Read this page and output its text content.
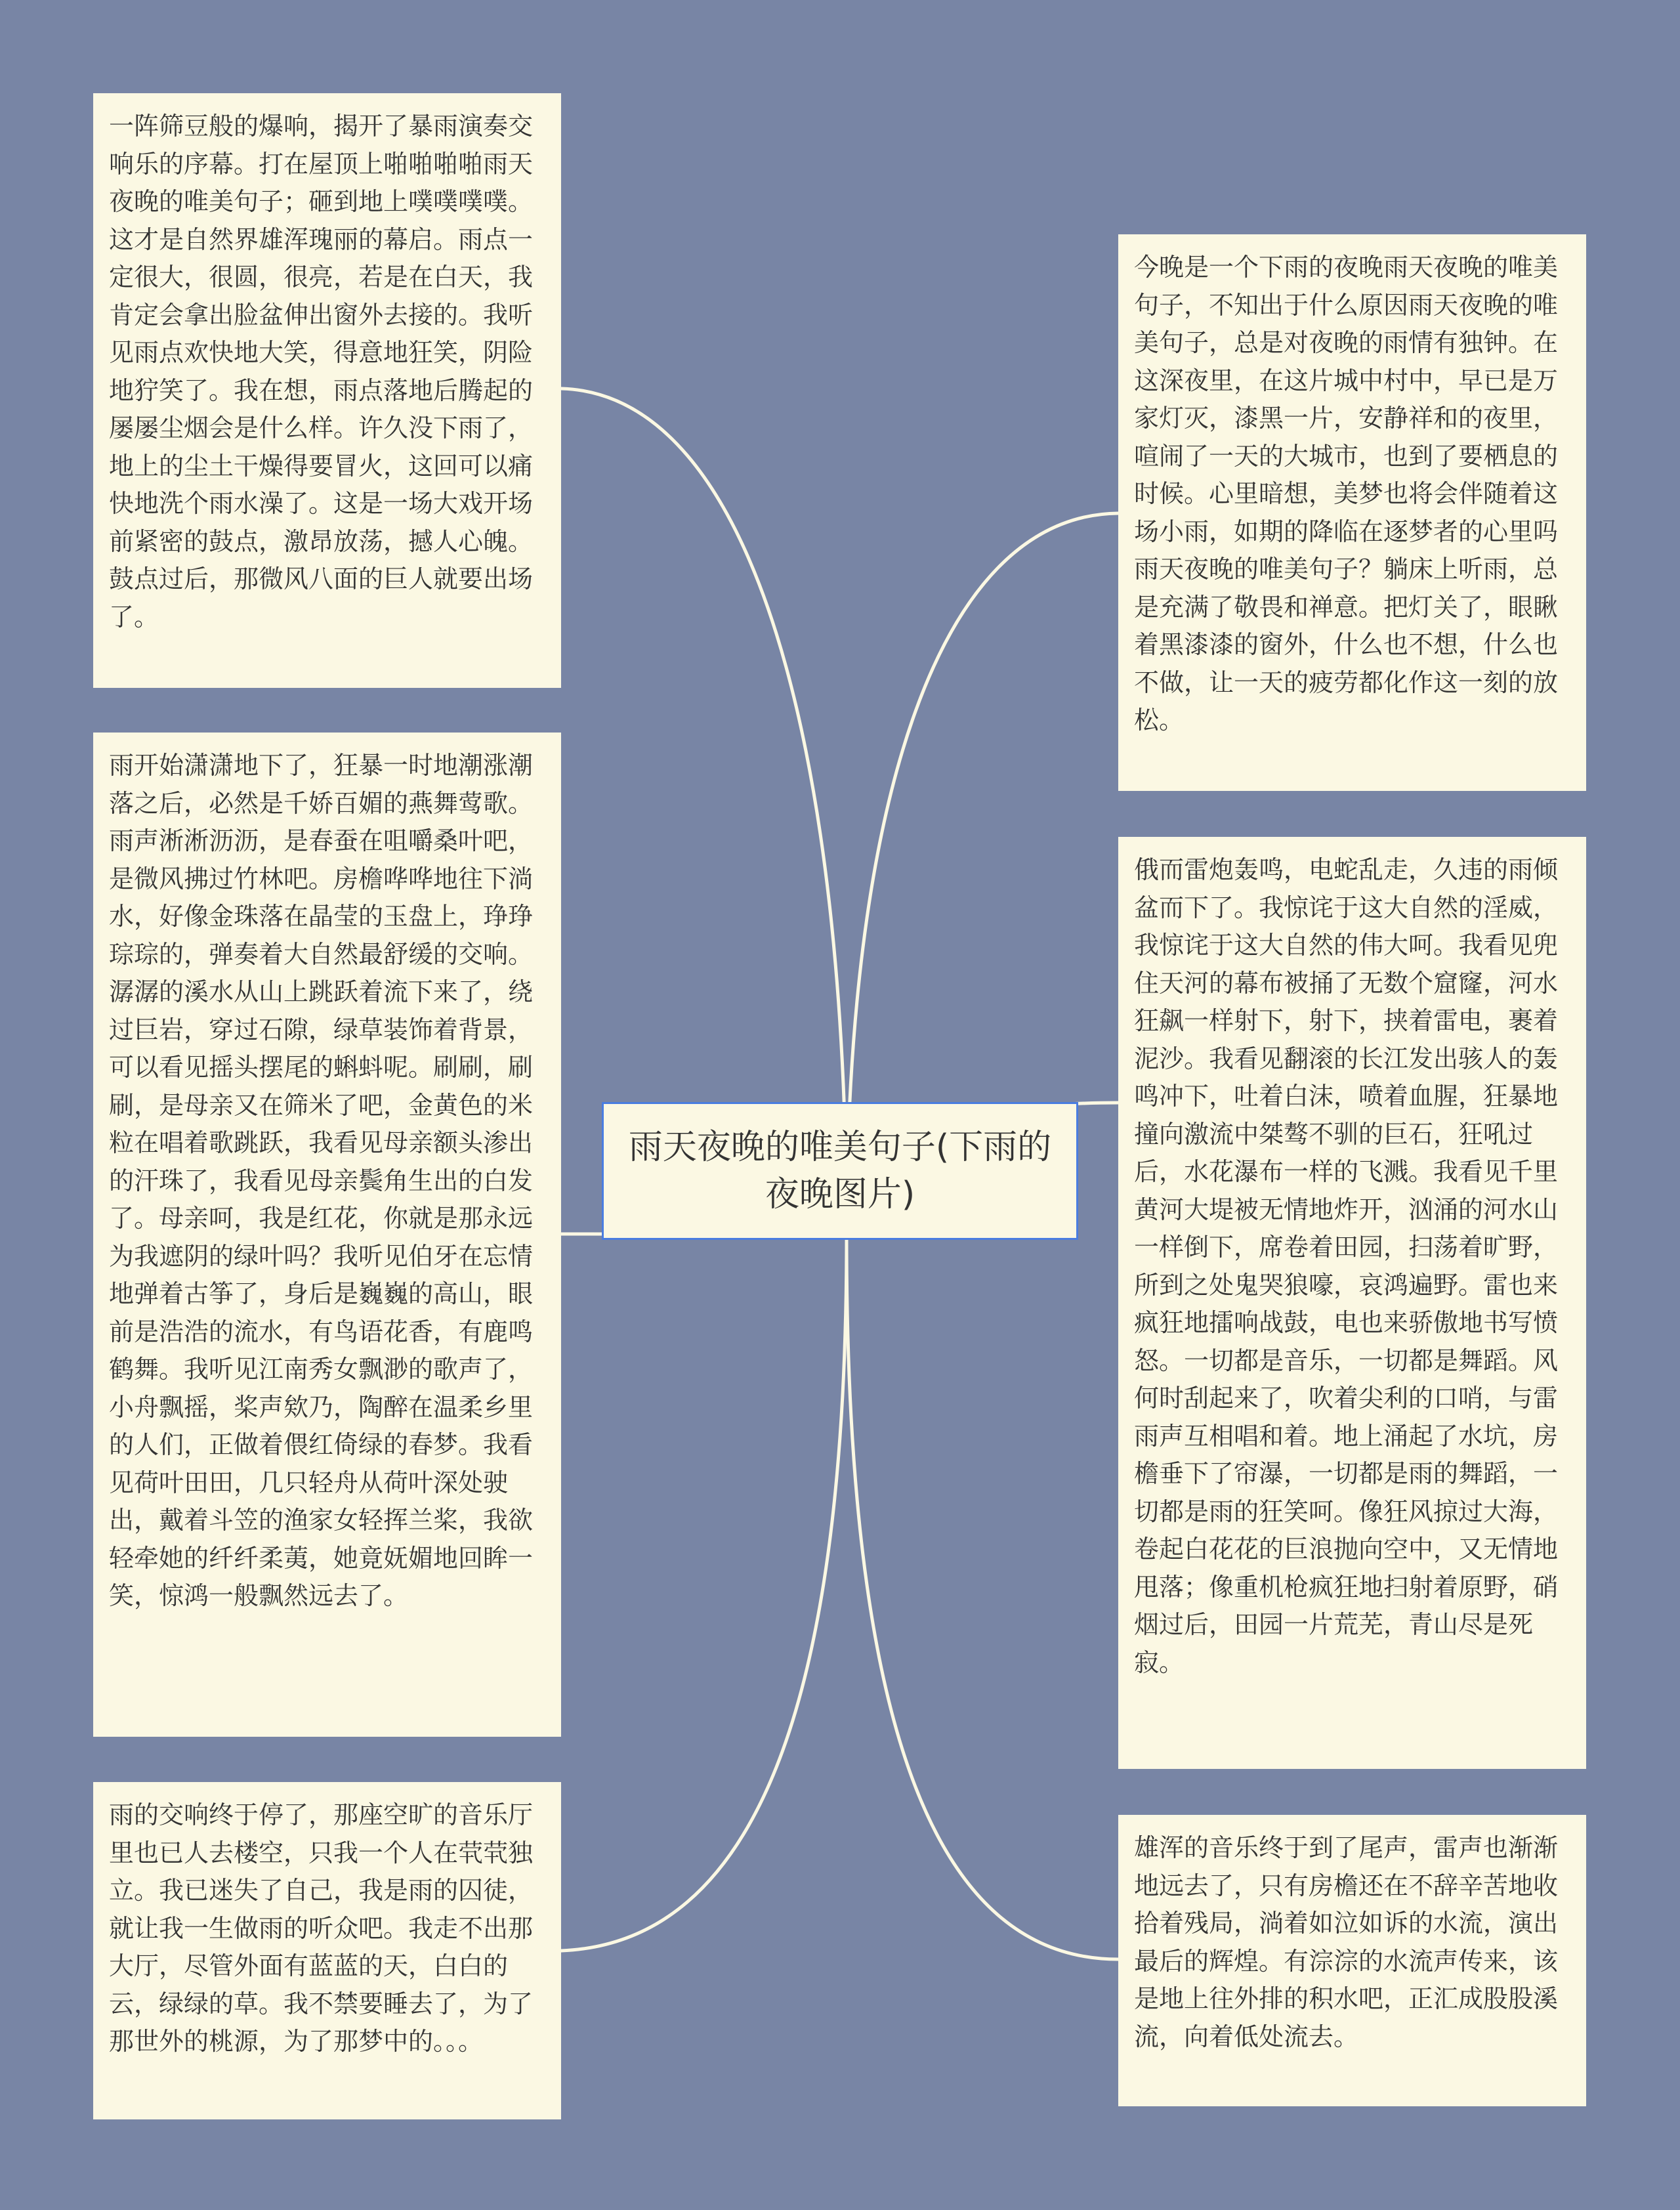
一阵筛豆般的爆响，揭开了暴雨演奏交响乐的序幕。打在屋顶上啪啪啪啪雨天夜晚的唯美句子；砸到地上噗噗噗噗。这才是自然界雄浑瑰丽的幕启。雨点一定很大，很圆，很亮，若是在白天，我肯定会拿出脸盆伸出窗外去接的。我听见雨点欢快地大笑，得意地狂笑，阴险地狞笑了。我在想，雨点落地后腾起的屡屡尘烟会是什么样。许久没下雨了，地上的尘土干燥得要冒火，这回可以痛快地洗个雨水澡了。这是一场大戏开场前紧密的鼓点，激昂放荡，撼人心魄。鼓点过后，那微风八面的巨人就要出场了。
雨开始潇潇地下了，狂暴一时地潮涨潮落之后，必然是千娇百媚的燕舞莺歌。雨声淅淅沥沥，是春蚕在咀嚼桑叶吧，是微风拂过竹林吧。房檐哗哗地往下淌水，好像金珠落在晶莹的玉盘上，琤琤琮琮的，弹奏着大自然最舒缓的交响。潺潺的溪水从山上跳跃着流下来了，绕过巨岩，穿过石隙，绿草装饰着背景，可以看见摇头摆尾的蝌蚪呢。刷刷，刷刷，是母亲又在筛米了吧，金黄色的米粒在唱着歌跳跃，我看见母亲额头渗出的汗珠了，我看见母亲鬓角生出的白发了。母亲呵，我是红花，你就是那永远为我遮阴的绿叶吗？我听见伯牙在忘情地弹着古筝了，身后是巍巍的高山，眼前是浩浩的流水，有鸟语花香，有鹿鸣鹤舞。我听见江南秀女飘渺的歌声了，小舟飘摇，桨声欸乃，陶醉在温柔乡里的人们，正做着偎红倚绿的春梦。我看见荷叶田田，几只轻舟从荷叶深处驶出，戴着斗笠的渔家女轻挥兰桨，我欲轻牵她的纤纤柔荑，她竟妩媚地回眸一笑，惊鸿一般飘然远去了。
雨的交响终于停了，那座空旷的音乐厅里也已人去楼空，只我一个人在茕茕独立。我已迷失了自己，我是雨的囚徒，就让我一生做雨的听众吧。我走不出那大厅，尽管外面有蓝蓝的天，白白的云，绿绿的草。我不禁要睡去了，为了那世外的桃源，为了那梦中的。。。
今晚是一个下雨的夜晚雨天夜晚的唯美句子，不知出于什么原因雨天夜晚的唯美句子，总是对夜晚的雨情有独钟。在这深夜里，在这片城中村中，早已是万家灯灭，漆黑一片，安静祥和的夜里，喧闹了一天的大城市，也到了要栖息的时候。心里暗想，美梦也将会伴随着这场小雨，如期的降临在逐梦者的心里吗雨天夜晚的唯美句子？躺床上听雨，总是充满了敬畏和禅意。把灯关了，眼瞅着黑漆漆的窗外，什么也不想，什么也不做，让一天的疲劳都化作这一刻的放松。
俄而雷炮轰鸣，电蛇乱走，久违的雨倾盆而下了。我惊诧于这大自然的淫威，我惊诧于这大自然的伟大呵。我看见兜住天河的幕布被捅了无数个窟窿，河水狂飙一样射下，射下，挟着雷电，裹着泥沙。我看见翻滚的长江发出骇人的轰鸣冲下，吐着白沫，喷着血腥，狂暴地撞向激流中桀骜不驯的巨石，狂吼过后，水花瀑布一样的飞溅。我看见千里黄河大堤被无情地炸开，汹涌的河水山一样倒下，席卷着田园，扫荡着旷野，所到之处鬼哭狼嚎，哀鸿遍野。雷也来疯狂地擂响战鼓，电也来骄傲地书写愤怒。一切都是音乐，一切都是舞蹈。风何时刮起来了，吹着尖利的口哨，与雷雨声互相唱和着。地上涌起了水坑，房檐垂下了帘瀑，一切都是雨的舞蹈，一切都是雨的狂笑呵。像狂风掠过大海，卷起白花花的巨浪抛向空中，又无情地甩落；像重机枪疯狂地扫射着原野，硝烟过后，田园一片荒芜，青山尽是死寂。
雄浑的音乐终于到了尾声，雷声也渐渐地远去了，只有房檐还在不辞辛苦地收拾着残局，淌着如泣如诉的水流，演出最后的辉煌。有淙淙的水流声传来，该是地上往外排的积水吧，正汇成股股溪流，向着低处流去。
雨天夜晚的唯美句子(下雨的夜晚图片)
